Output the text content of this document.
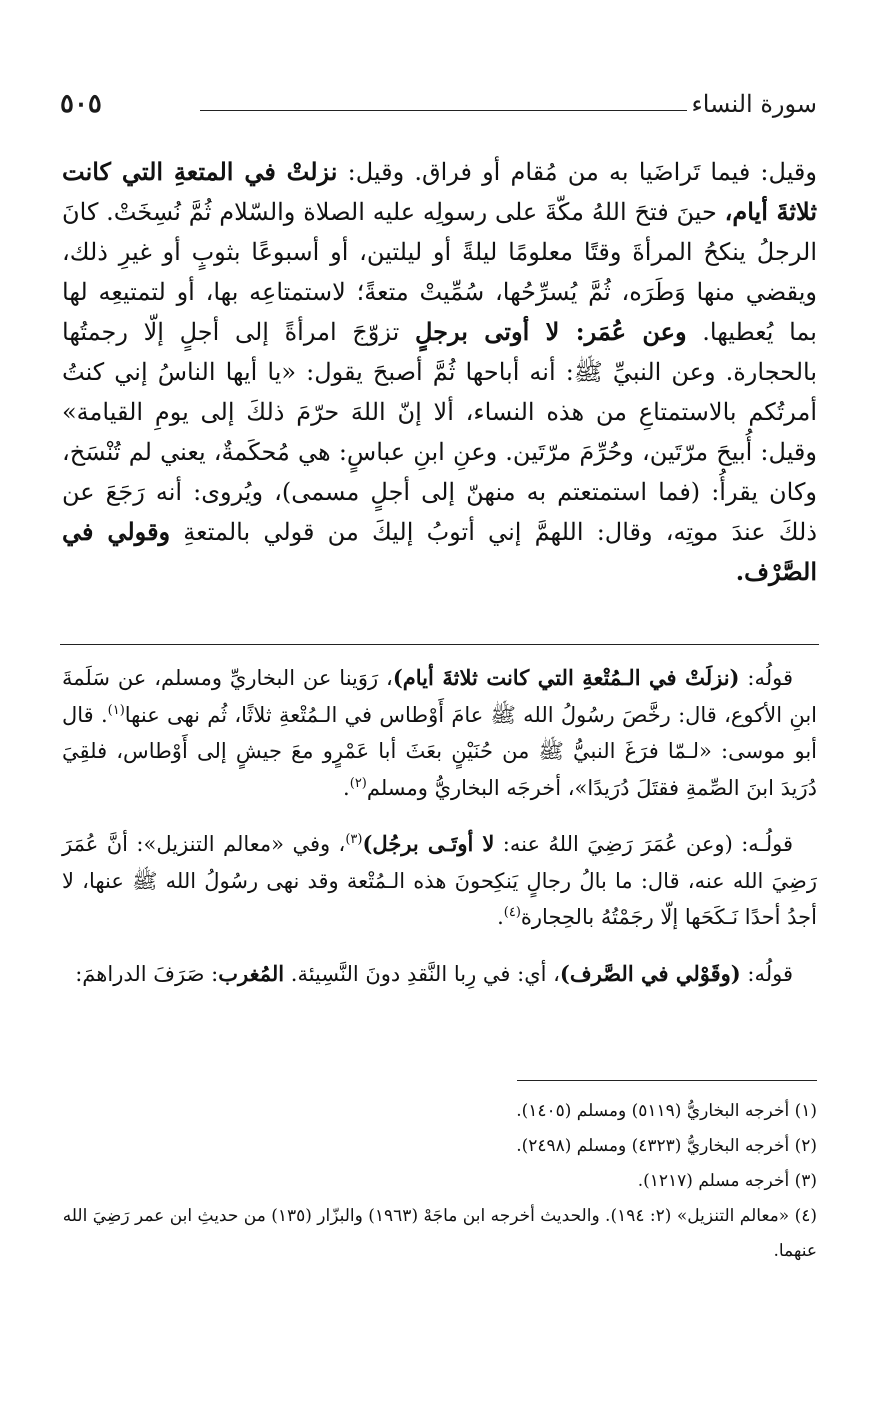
سورة النساء
٥٠٥
وقيل: فيما تَراضَيا به من مُقام أو فراق. وقيل: نزلتْ في المتعةِ التي كانت ثلاثةَ أيام، حينَ فتحَ اللهُ مكّةَ على رسولِه عليه الصلاة والسّلام ثُمَّ نُسِخَتْ. كانَ الرجلُ ينكحُ المرأةَ وقتًا معلومًا ليلةً أو ليلتين، أو أسبوعًا بثوبٍ أو غيرِ ذلك، ويقضي منها وَطَرَه، ثُمَّ يُسرِّحُها، سُمِّيتْ متعةً؛ لاستمتاعِه بها، أو لتمتيعِه لها بما يُعطيها. وعن عُمَر: لا أوتى برجلٍ تزوّجَ امرأةً إلى أجلٍ إلّا رجمتُها بالحجارة. وعن النبيِّ ﷺ: أنه أباحها ثُمَّ أصبحَ يقول: «يا أيها الناسُ إني كنتُ أمرتُكم بالاستمتاعِ من هذه النساء، ألا إنّ اللهَ حرّمَ ذلكَ إلى يومِ القيامة» وقيل: أُبيحَ مرّتَين، وحُرِّمَ مرّتَين. وعنِ ابنِ عباسٍ: هي مُحكَمةٌ، يعني لم تُنْسَخ، وكان يقرأُ: (فما استمتعتم به منهنّ إلى أجلٍ مسمى)، ويُروى: أنه رَجَعَ عن ذلكَ عندَ موتِه، وقال: اللهمَّ إني أتوبُ إليكَ من قولي بالمتعةِ وقولي في الصَّرْف.

قولُه: (نزلَتْ في الـمُتْعةِ التي كانت ثلاثةَ أيام)، رَوَينا عن البخاريِّ ومسلم، عن سَلَمةَ ابنِ الأكوع، قال: رخَّصَ رسُولُ الله ﷺ عامَ أَوْطاس في الـمُتْعةِ ثلاثًا، ثُم نهى عنها$^{(١)}$. قال أبو موسى: «لـمّا فرَغَ النبيُّ ﷺ من حُنَيْنٍ بعَثَ أبا عَمْرٍو معَ جيشٍ إلى أَوْطاس، فلقِيَ دُرَيدَ ابنَ الصِّمةِ فقتَلَ دُرَيدًا»، أخرجَه البخاريُّ ومسلم$^{(٢)}$.

قولُـه: (وعن عُمَرَ رَضِيَ اللهُ عنه: لا أوتَـى برجُل)$^{(٣)}$، وفي «معالم التنزيل»: أنَّ عُمَرَ رَضِيَ الله عنه، قال: ما بالُ رجالٍ يَنكِحونَ هذه الـمُتْعة وقد نهى رسُولُ الله ﷺ عنها، لا أجدُ أحدًا نَـكَحَها إلّا رجَمْتُهُ بالحِجارة$^{(٤)}$.

قولُه: (وقَوْلي في الصَّرف)، أي: في رِبا النَّقدِ دونَ النَّسِيئة. المُغرب: صَرَفَ الدراهمَ:

(١) أخرجه البخاريُّ (٥١١٩) ومسلم (١٤٠٥).

(٢) أخرجه البخاريُّ (٤٣٢٣) ومسلم (٢٤٩٨).

(٣) أخرجه مسلم (١٢١٧).

(٤) «معالم التنزيل» (٢: ١٩٤). والحديث أخرجه ابن ماجَهْ (١٩٦٣) والبزّار (١٣٥) من حديثِ ابن عمر رَضِيَ الله عنهما.
